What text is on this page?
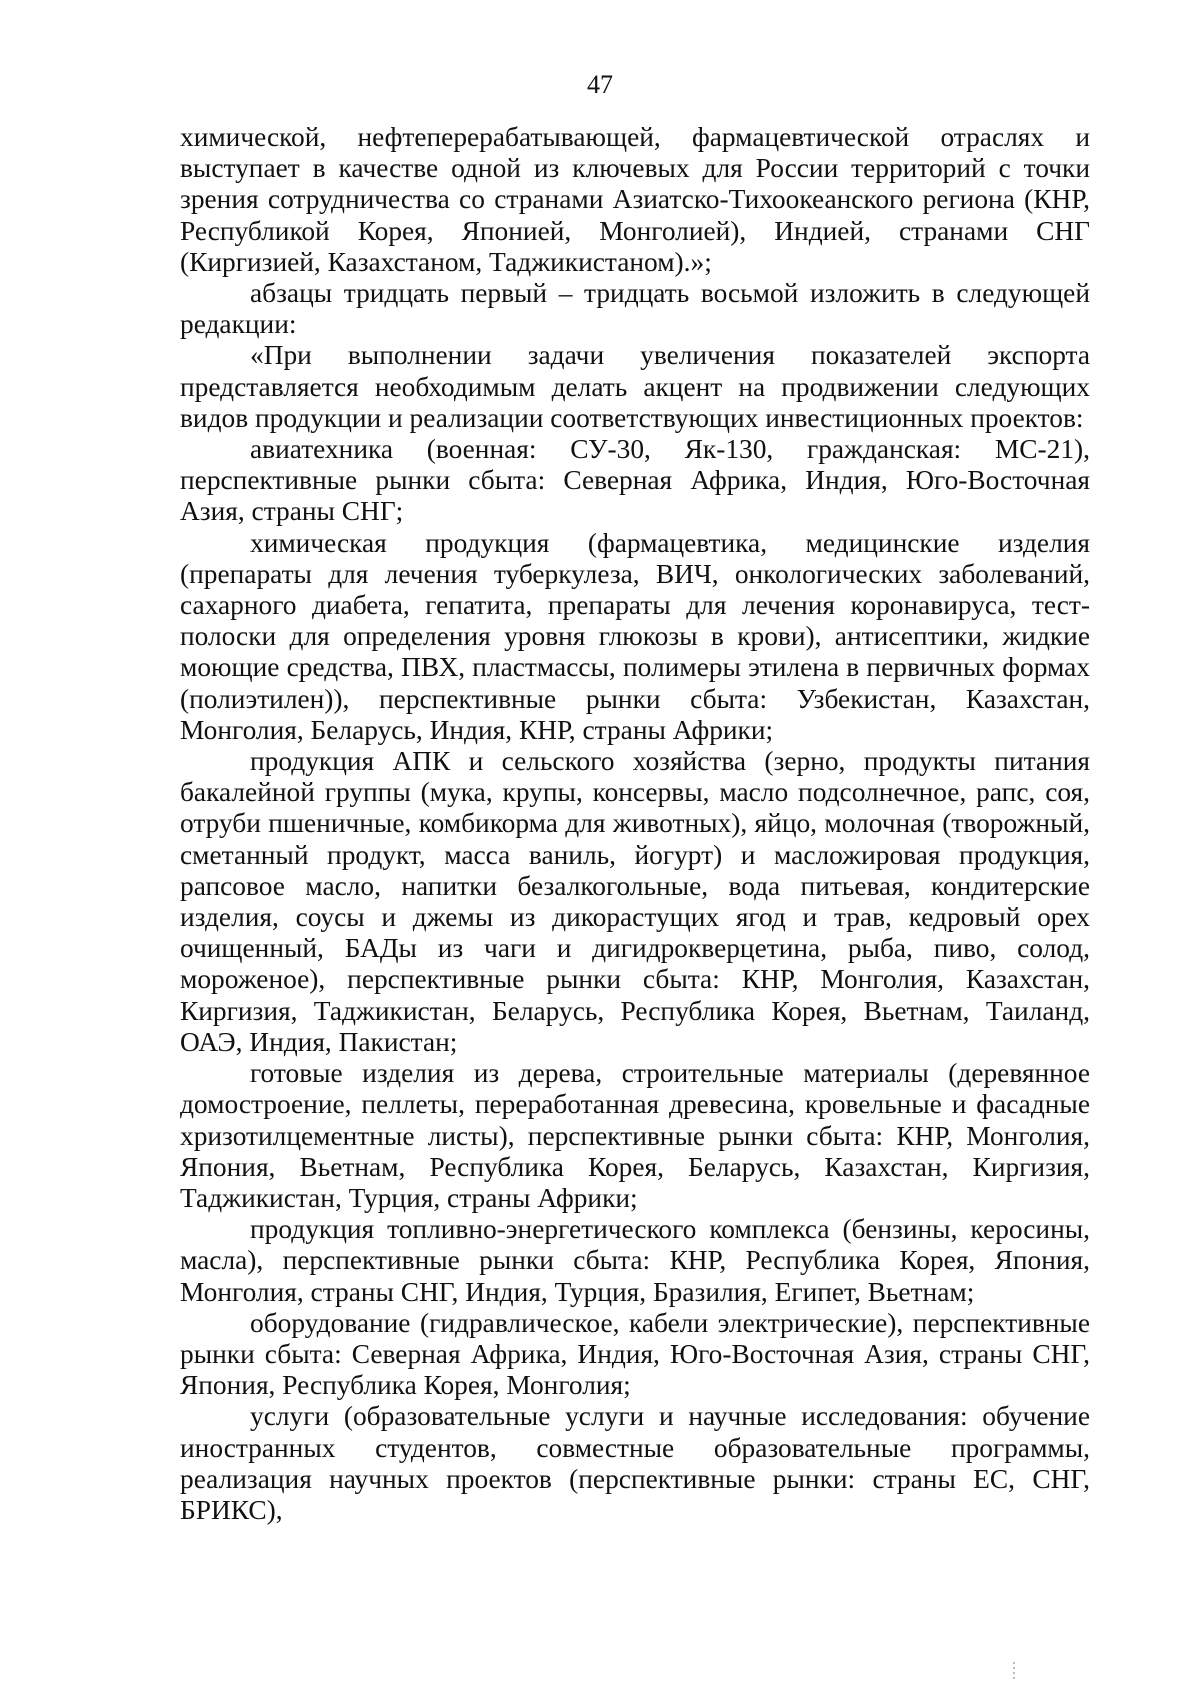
47

химической, нефтеперерабатывающей, фармацевтической отраслях и выступает в качестве одной из ключевых для России территорий с точки зрения сотрудничества со странами Азиатско-Тихоокеанского региона (КНР, Республикой Корея, Японией, Монголией), Индией, странами СНГ (Киргизией, Казахстаном, Таджикистаном).»;

абзацы тридцать первый – тридцать восьмой изложить в следующей редакции:

«При выполнении задачи увеличения показателей экспорта представляется необходимым делать акцент на продвижении следующих видов продукции и реализации соответствующих инвестиционных проектов:

авиатехника (военная: СУ-30, Як-130, гражданская: МС-21), перспективные рынки сбыта: Северная Африка, Индия, Юго-Восточная Азия, страны СНГ;

химическая продукция (фармацевтика, медицинские изделия (препараты для лечения туберкулеза, ВИЧ, онкологических заболеваний, сахарного диабета, гепатита, препараты для лечения коронавируса, тест-полоски для определения уровня глюкозы в крови), антисептики, жидкие моющие средства, ПВХ, пластмассы, полимеры этилена в первичных формах (полиэтилен)), перспективные рынки сбыта: Узбекистан, Казахстан, Монголия, Беларусь, Индия, КНР, страны Африки;

продукция АПК и сельского хозяйства (зерно, продукты питания бакалейной группы (мука, крупы, консервы, масло подсолнечное, рапс, соя, отруби пшеничные, комбикорма для животных), яйцо, молочная (творожный, сметанный продукт, масса ваниль, йогурт) и масложировая продукция, рапсовое масло, напитки безалкогольные, вода питьевая, кондитерские изделия, соусы и джемы из дикорастущих ягод и трав, кедровый орех очищенный, БАДы из чаги и дигидрокверцетина, рыба, пиво, солод, мороженое), перспективные рынки сбыта: КНР, Монголия, Казахстан, Киргизия, Таджикистан, Беларусь, Республика Корея, Вьетнам, Таиланд, ОАЭ, Индия, Пакистан;

готовые изделия из дерева, строительные материалы (деревянное домостроение, пеллеты, переработанная древесина, кровельные и фасадные хризотилцементные листы), перспективные рынки сбыта: КНР, Монголия, Япония, Вьетнам, Республика Корея, Беларусь, Казахстан, Киргизия, Таджикистан, Турция, страны Африки;

продукция топливно-энергетического комплекса (бензины, керосины, масла), перспективные рынки сбыта: КНР, Республика Корея, Япония, Монголия, страны СНГ, Индия, Турция, Бразилия, Египет, Вьетнам;

оборудование (гидравлическое, кабели электрические), перспективные рынки сбыта: Северная Африка, Индия, Юго-Восточная Азия, страны СНГ, Япония, Республика Корея, Монголия;

услуги (образовательные услуги и научные исследования: обучение иностранных студентов, совместные образовательные программы, реализация научных проектов (перспективные рынки: страны ЕС, СНГ, БРИКС),
